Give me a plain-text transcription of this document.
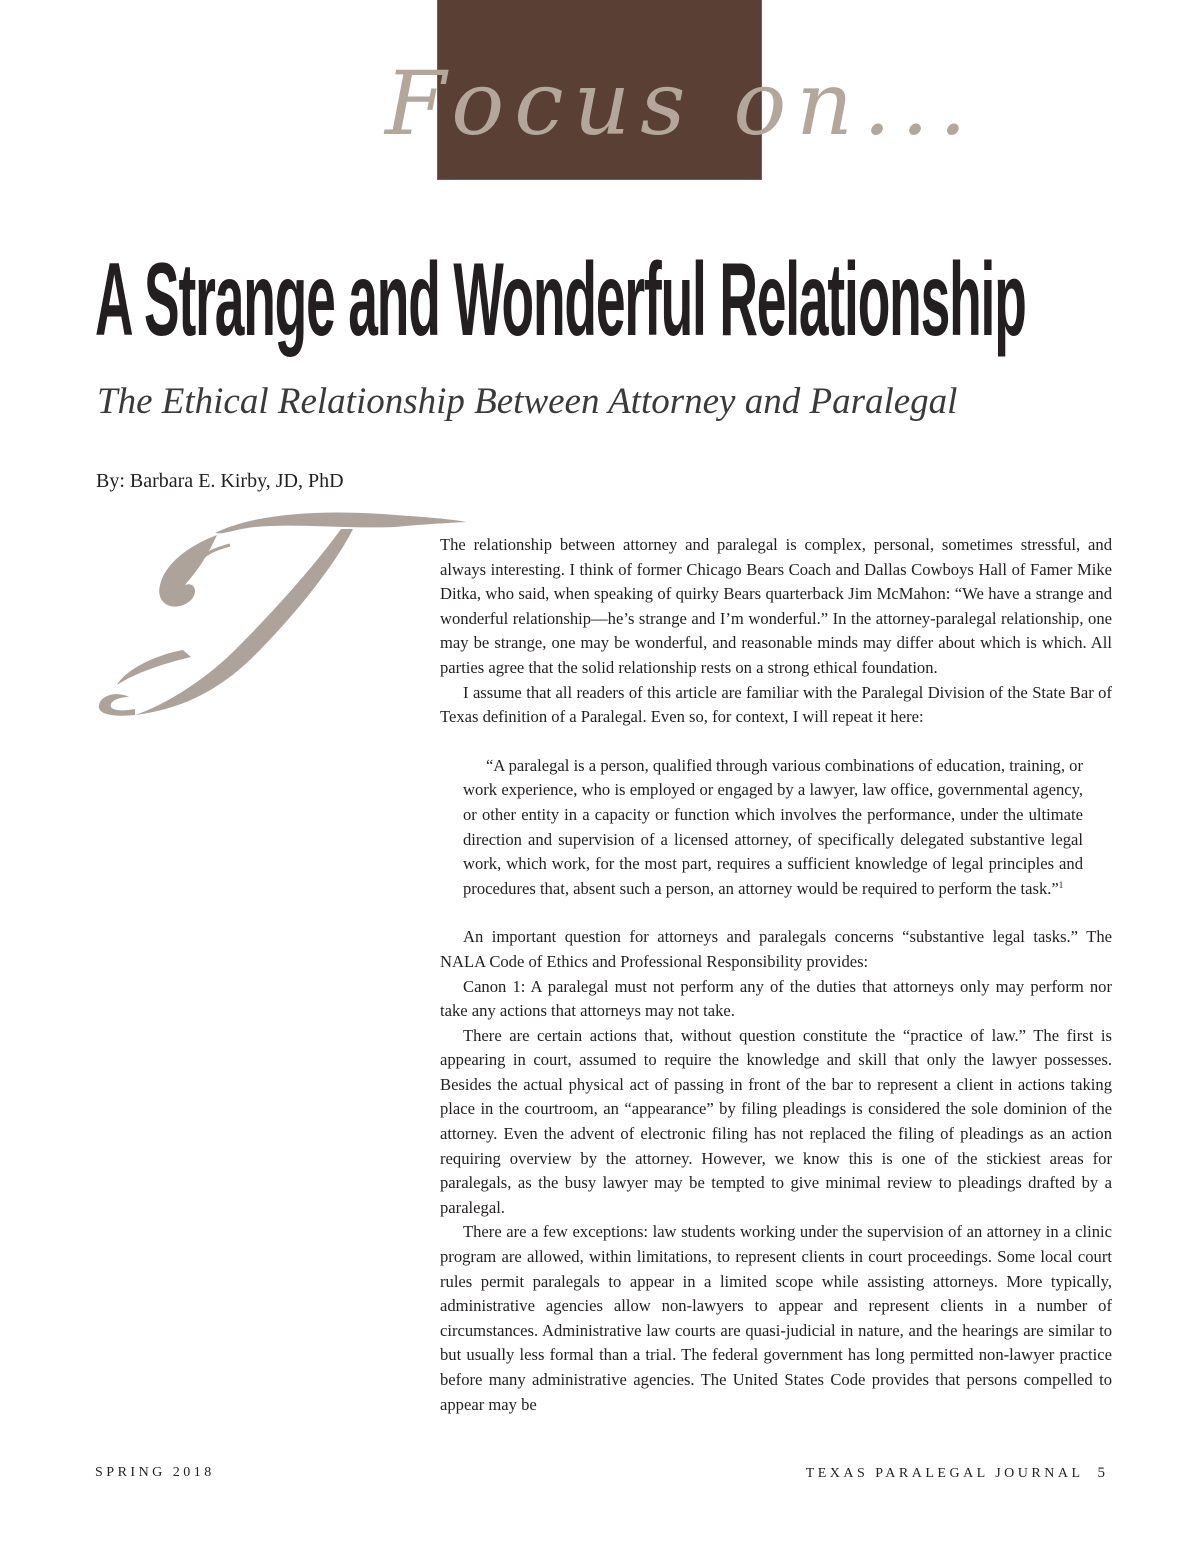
Focus on...
A Strange and Wonderful Relationship
The Ethical Relationship Between Attorney and Paralegal
By: Barbara E. Kirby, JD, PhD

The relationship between attorney and paralegal is complex, personal, sometimes stressful, and always interesting. I think of former Chicago Bears Coach and Dallas Cowboys Hall of Famer Mike Ditka, who said, when speaking of quirky Bears quarterback Jim McMahon: “We have a strange and wonderful relationship—he’s strange and I’m wonderful.” In the attorney-paralegal relationship, one may be strange, one may be wonderful, and reasonable minds may differ about which is which. All parties agree that the solid relationship rests on a strong ethical foundation.

I assume that all readers of this article are familiar with the Paralegal Division of the State Bar of Texas definition of a Paralegal. Even so, for context, I will repeat it here:

“A paralegal is a person, qualified through various combinations of education, training, or work experience, who is employed or engaged by a lawyer, law office, governmental agency, or other entity in a capacity or function which involves the performance, under the ultimate direction and supervision of a licensed attorney, of specifically delegated substantive legal work, which work, for the most part, requires a sufficient knowledge of legal principles and procedures that, absent such a person, an attorney would be required to perform the task.”$^1$

An important question for attorneys and paralegals concerns “substantive legal tasks.” The NALA Code of Ethics and Professional Responsibility provides:

Canon 1: A paralegal must not perform any of the duties that attorneys only may perform nor take any actions that attorneys may not take.

There are certain actions that, without question constitute the “practice of law.” The first is appearing in court, assumed to require the knowledge and skill that only the lawyer possesses. Besides the actual physical act of passing in front of the bar to represent a client in actions taking place in the courtroom, an “appearance” by filing pleadings is considered the sole dominion of the attorney. Even the advent of electronic filing has not replaced the filing of pleadings as an action requiring overview by the attorney. However, we know this is one of the stickiest areas for paralegals, as the busy lawyer may be tempted to give minimal review to pleadings drafted by a paralegal.

There are a few exceptions: law students working under the supervision of an attorney in a clinic program are allowed, within limitations, to represent clients in court proceedings. Some local court rules permit paralegals to appear in a limited scope while assisting attorneys. More typically, administrative agencies allow non-lawyers to appear and represent clients in a number of circumstances. Administrative law courts are quasi-judicial in nature, and the hearings are similar to but usually less formal than a trial. The federal government has long permitted non-lawyer practice before many administrative agencies. The United States Code provides that persons compelled to appear may be

SPRING 2018	TEXAS PARALEGAL JOURNAL 5
